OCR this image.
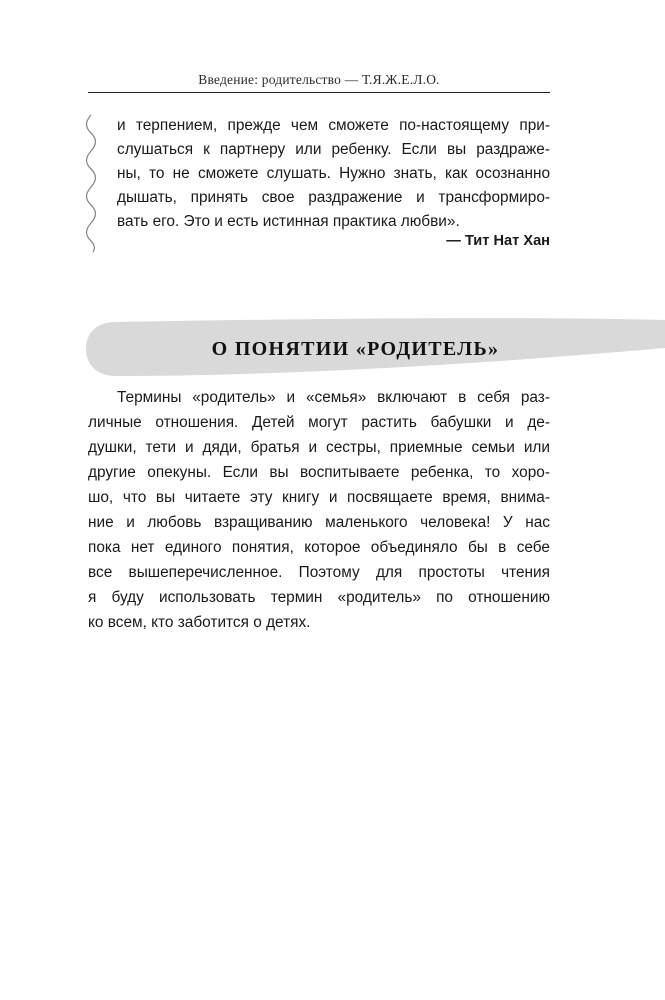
Введение: родительство — Т.Я.Ж.Е.Л.О.
и терпением, прежде чем сможете по-настоящему при-
слушаться к партнеру или ребенку. Если вы раздраже-
ны, то не сможете слушать. Нужно знать, как осознанно
дышать, принять свое раздражение и трансформиро-
вать его. Это и есть истинная практика любви».
— Тит Нат Хан
О ПОНЯТИИ «РОДИТЕЛЬ»
Термины «родитель» и «семья» включают в себя раз-
личные отношения. Детей могут растить бабушки и де-
душки, тети и дяди, братья и сестры, приемные семьи или
другие опекуны. Если вы воспитываете ребенка, то хоро-
шо, что вы читаете эту книгу и посвящаете время, внима-
ние и любовь взращиванию маленького человека! У нас
пока нет единого понятия, которое объединяло бы в себе
все вышеперечисленное. Поэтому для простоты чтения
я буду использовать термин «родитель» по отношению
ко всем, кто заботится о детях.
